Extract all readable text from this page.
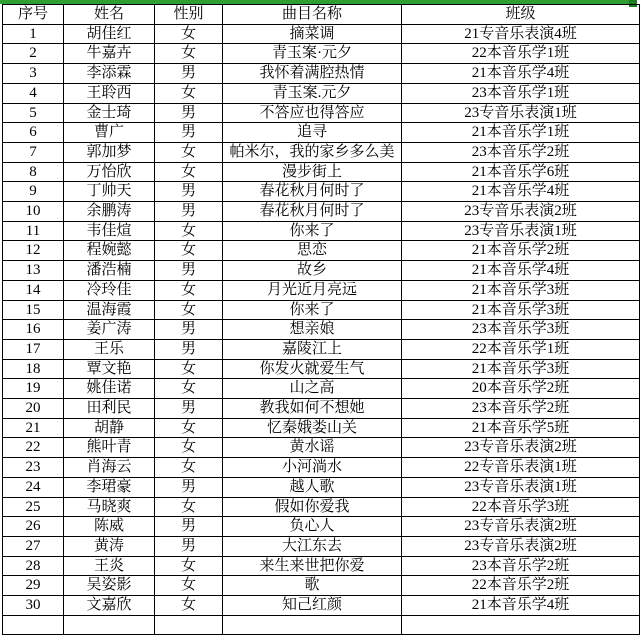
序号	姓名	性别	曲目名称	班级
1	胡佳红	女	摘菜调	21专音乐表演4班
2	牛嘉卉	女	青玉案·元夕	22本音乐学1班
3	李添霖	男	我怀着满腔热情	21本音乐学4班
4	王聆西	女	青玉案.元夕	23本音乐学1班
5	金士琦	男	不答应也得答应	23专音乐表演1班
6	曹广	男	追寻	21本音乐学1班
7	郭加梦	女	帕米尔，我的家乡多么美	23本音乐学2班
8	万怡欣	女	漫步街上	21本音乐学6班
9	丁帅天	男	春花秋月何时了	21本音乐学4班
10	余鹏涛	男	春花秋月何时了	23专音乐表演2班
11	韦佳煊	女	你来了	23专音乐表演1班
12	程婉懿	女	思恋	21本音乐学2班
13	潘浩楠	男	故乡	21本音乐学4班
14	冷玲佳	女	月光近月亮远	21本音乐学3班
15	温海霞	女	你来了	21本音乐学3班
16	姜广涛	男	想亲娘	23本音乐学3班
17	王乐	男	嘉陵江上	22本音乐学1班
18	覃文艳	女	你发火就爱生气	21本音乐学3班
19	姚佳诺	女	山之高	20本音乐学2班
20	田利民	男	教我如何不想她	23本音乐学2班
21	胡静	女	忆秦娥娄山关	21本音乐学5班
22	熊叶青	女	黄水谣	23专音乐表演2班
23	肖海云	女	小河淌水	22专音乐表演1班
24	李珺豪	男	越人歌	23专音乐表演1班
25	马晓爽	女	假如你爱我	22本音乐学3班
26	陈威	男	负心人	23专音乐表演2班
27	黄涛	男	大江东去	23专音乐表演2班
28	王炎	女	来生来世把你爱	23本音乐学2班
29	吴姿影	女	歌	22本音乐学2班
30	文嘉欣	女	知己红颜	21本音乐学4班
